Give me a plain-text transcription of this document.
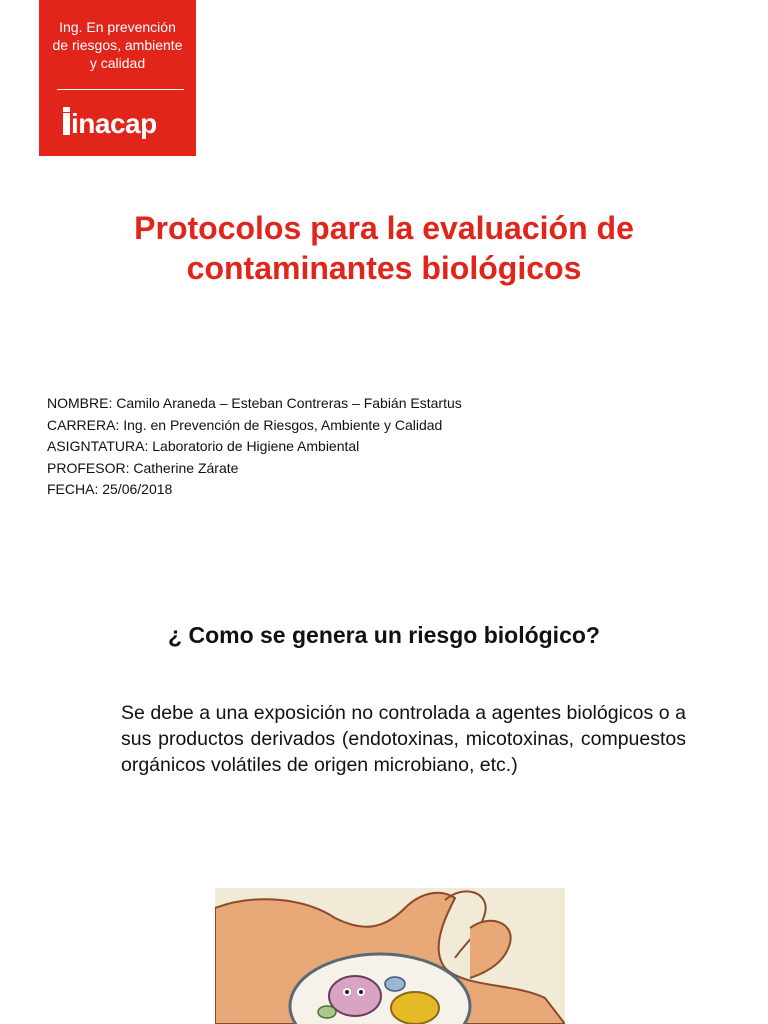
Ing. En prevención
de riesgos, ambiente
y calidad
inacap
Protocolos para la evaluación de
contaminantes biológicos
NOMBRE: Camilo Araneda – Esteban Contreras – Fabián Estartus
CARRERA: Ing. en Prevención de Riesgos, Ambiente y Calidad
ASIGNTATURA: Laboratorio de Higiene Ambiental
PROFESOR: Catherine Zárate
FECHA: 25/06/2018
¿ Como se genera un riesgo biológico?
Se debe a una exposición no controlada a agentes biológicos o a sus productos derivados (endotoxinas, micotoxinas, compuestos orgánicos volátiles de origen microbiano, etc.)
